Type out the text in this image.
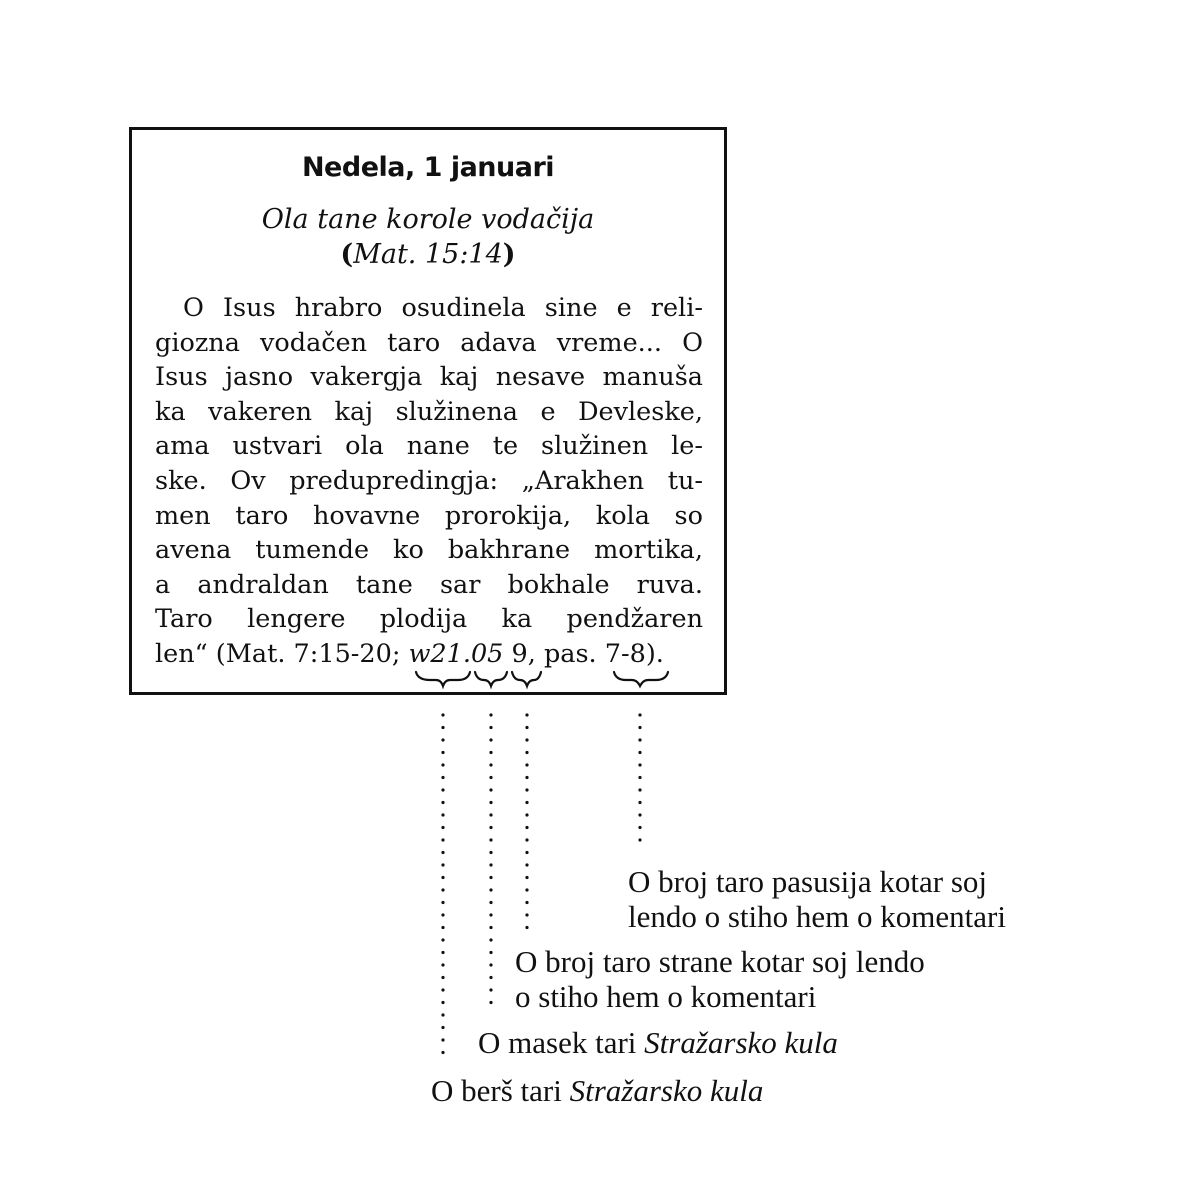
Nedela, 1 januari
Ola tane korole vodačija
(Mat. 15:14)
O Isus hrabro osudinela sine e reli-
giozna vodačen taro adava vreme... O
Isus jasno vakergja kaj nesave manuša
ka vakeren kaj služinena e Devleske,
ama ustvari ola nane te služinen le-
ske. Ov predupredingja: „Arakhen tu-
men taro hovavne prorokija, kola so
avena tumende ko bakhrane mortika,
a andraldan tane sar bokhale ruva.
Taro lengere plodija ka pendžaren
len“ (Mat. 7:15-20; w21.05 9, pas. 7-8).
O broj taro pasusija kotar soj
lendo o stiho hem o komentari
O broj taro strane kotar soj lendo
o stiho hem o komentari
O masek tari Stražarsko kula
O berš tari Stražarsko kula
